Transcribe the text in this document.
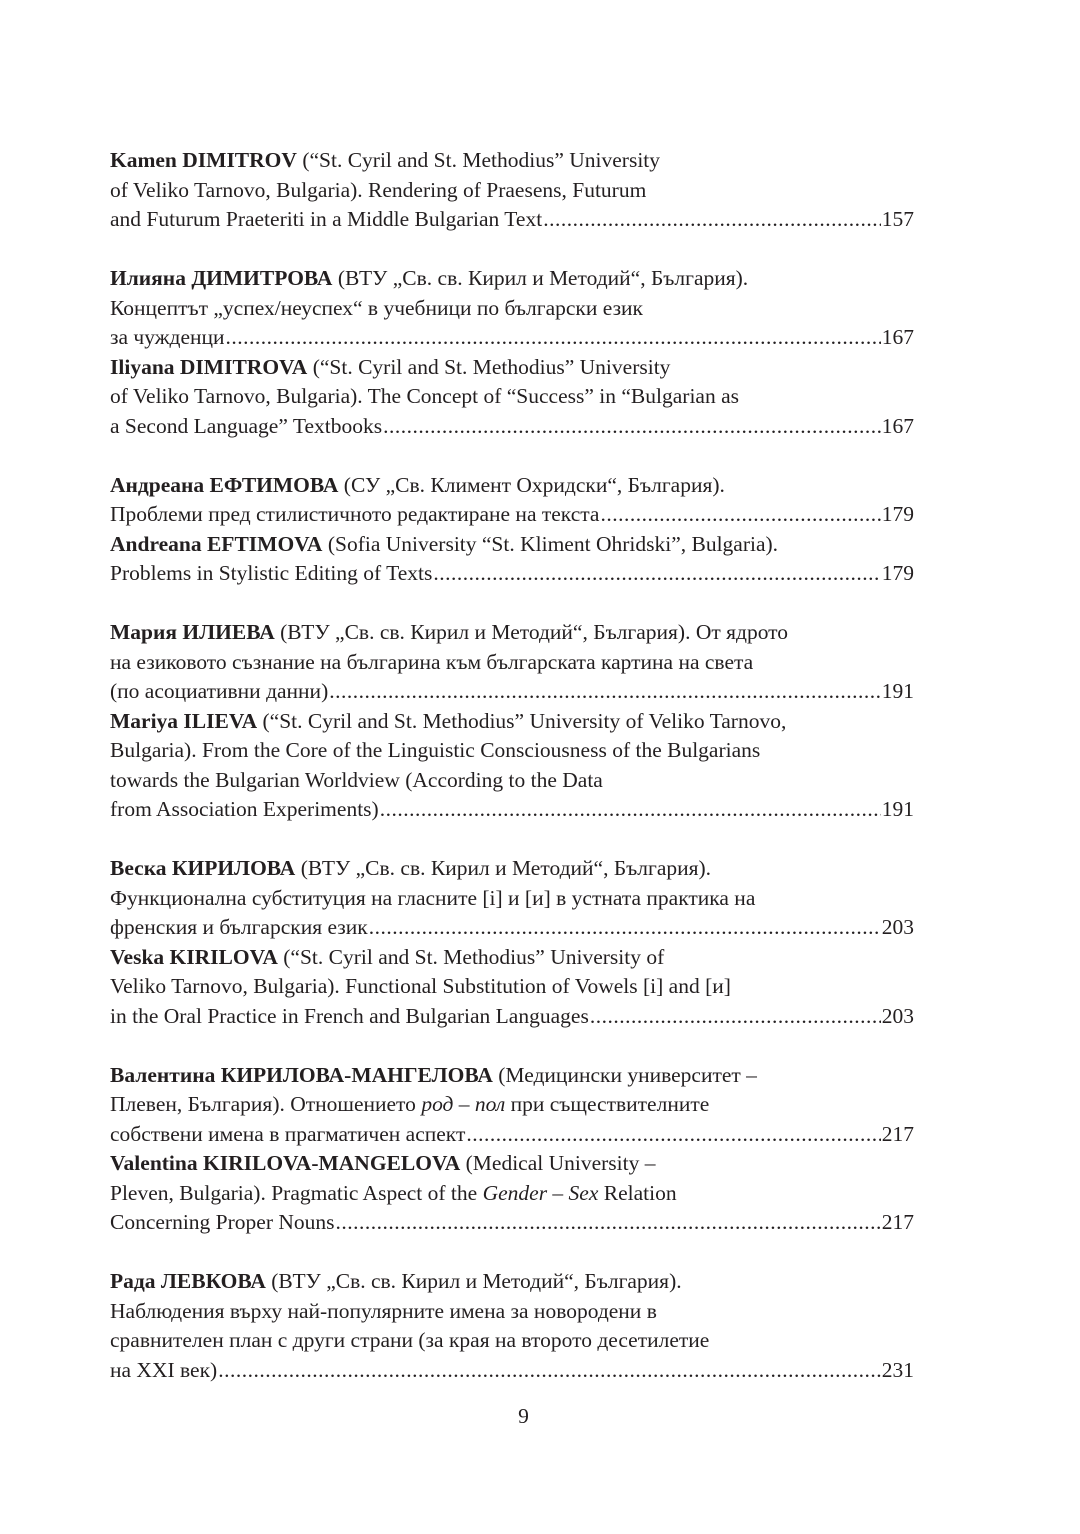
Kamen DIMITROV (“St. Cyril and St. Methodius” University
of Veliko Tarnovo, Bulgaria). Rendering of Praesens, Futurum
and Futurum Praeteriti in a Middle Bulgarian Text .....	157
Илияна ДИМИТРОВА (ВТУ „Св. св. Кирил и Методий“, България).
Концептът „успех/неуспех“ в учебници по български език
за чужденци .....	167
Iliyana DIMITROVA (“St. Cyril and St. Methodius” University
of Veliko Tarnovo, Bulgaria). The Concept of “Success” in “Bulgarian as
a Second Language” Textbooks .....	167
Андреана ЕФТИМОВА (СУ „Св. Климент Охридски“, България).
Проблеми пред стилистичното редактиране на текста .....	179
Andreana EFTIMOVA (Sofia University “St. Kliment Ohridski”, Bulgaria).
Problems in Stylistic Editing of Texts .....	179
Мария ИЛИЕВА (ВТУ „Св. св. Кирил и Методий“, България). От ядрото
на езиковото съзнание на българина към българската картина на света
(по асоциативни данни) .....	191
Mariya ILIEVA (“St. Cyril and St. Methodius” University of Veliko Tarnovo,
Bulgaria). From the Core of the Linguistic Consciousness of the Bulgarians
towards the Bulgarian Worldview (According to the Data
from Association Experiments) .....	191
Веска КИРИЛОВА (ВТУ „Св. св. Кирил и Методий“, България).
Функционална субституция на гласните [i] и [и] в устната практика на
френския и българския език .....	203
Veska KIRILOVA (“St. Cyril and St. Methodius” University of
Veliko Tarnovo, Bulgaria). Functional Substitution of Vowels [i] and [и]
in the Oral Practice in French and Bulgarian Languages .....	203
Валентина КИРИЛОВА-МАНГЕЛОВА (Медицински университет –
Плевен, България). Отношението род – пол при съществителните
собствени имена в прагматичен аспект .....	217
Valentina KIRILOVA-MANGELOVA (Medical University –
Pleven, Bulgaria). Pragmatic Aspect of the Gender – Sex Relation
Concerning Proper Nouns .....	217
Рада ЛЕВКОВА (ВТУ „Св. св. Кирил и Методий“, България).
Наблюдения върху най-популярните имена за новородени в
сравнителен план с други страни (за края на второто десетилетие
на XXI век) .....	231
9
